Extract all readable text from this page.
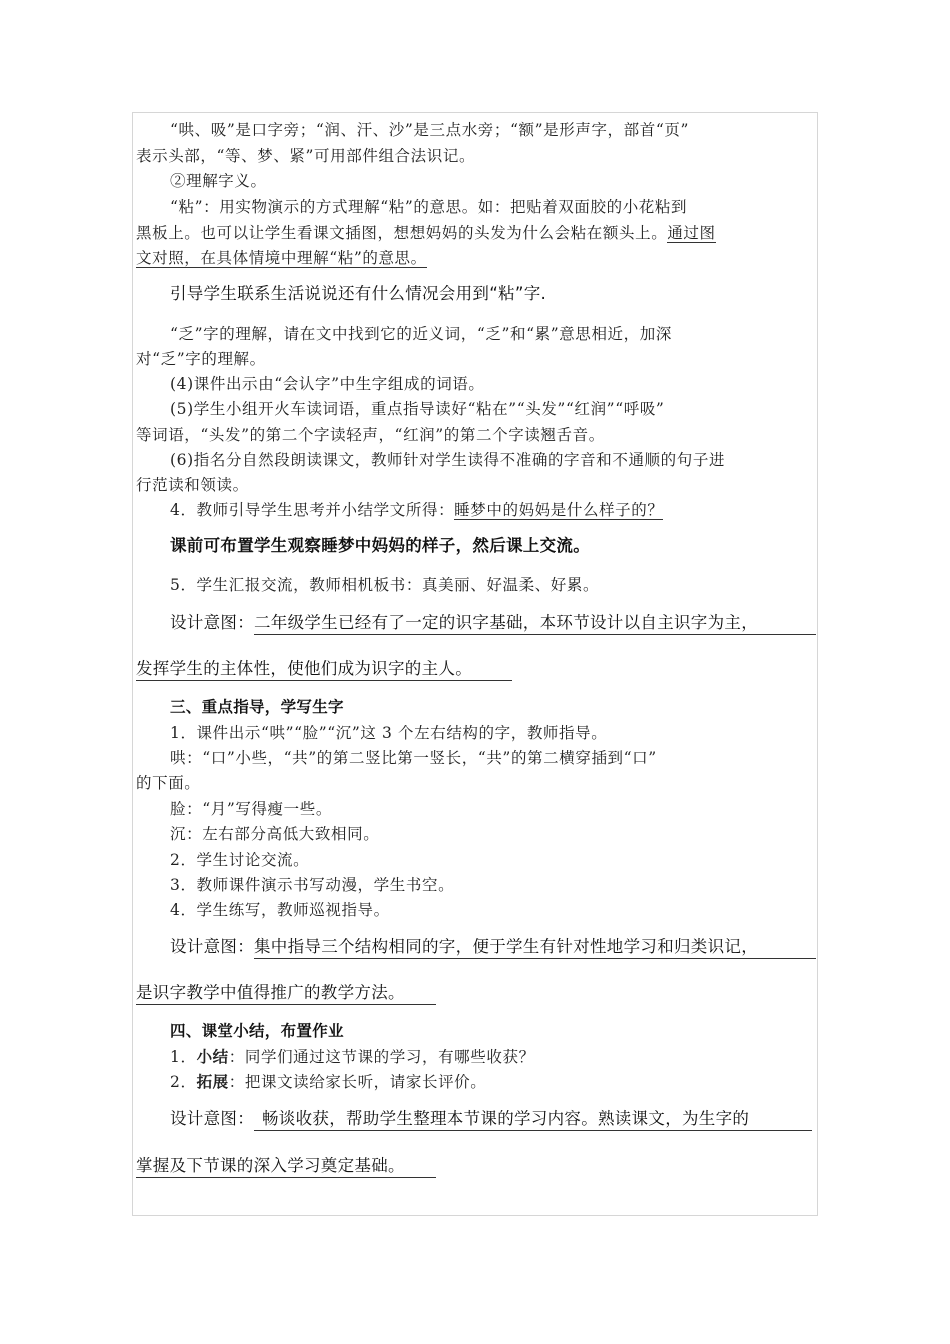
“哄、吸”是口字旁；“润、汗、沙”是三点水旁；“额”是形声字，部首“页”
表示头部，“等、梦、紧”可用部件组合法识记。
②理解字义。
“粘”：用实物演示的方式理解“粘”的意思。如：把贴着双面胶的小花粘到
黑板上。也可以让学生看课文插图，想想妈妈的头发为什么会粘在额头上。通过图
文对照，在具体情境中理解“粘”的意思。
引导学生联系生活说说还有什么情况会用到“粘”字.
“乏”字的理解，请在文中找到它的近义词，“乏”和“累”意思相近，加深
对“乏”字的理解。
(4)课件出示由“会认字”中生字组成的词语。
(5)学生小组开火车读词语，重点指导读好“粘在”“头发”“红润”“呼吸”
等词语，“头发”的第二个字读轻声，“红润”的第二个字读翘舌音。
(6)指名分自然段朗读课文，教师针对学生读得不准确的字音和不通顺的句子进
行范读和领读。
4．教师引导学生思考并小结学文所得：睡梦中的妈妈是什么样子的？
课前可布置学生观察睡梦中妈妈的样子，然后课上交流。
5．学生汇报交流，教师相机板书：真美丽、好温柔、好累。
设计意图：二年级学生已经有了一定的识字基础，本环节设计以自主识字为主，
发挥学生的主体性，使他们成为识字的主人。
三、重点指导，学写生字
1．课件出示“哄”“脸”“沉”这 3 个左右结构的字，教师指导。
哄：“口”小些，“共”的第二竖比第一竖长，“共”的第二横穿插到“口”
的下面。
脸：“月”写得瘦一些。
沉：左右部分高低大致相同。
2．学生讨论交流。
3．教师课件演示书写动漫，学生书空。
4．学生练写，教师巡视指导。
设计意图：集中指导三个结构相同的字，便于学生有针对性地学习和归类识记，
是识字教学中值得推广的教学方法。
四、课堂小结，布置作业
1．小结：同学们通过这节课的学习，有哪些收获？
2．拓展：把课文读给家长听，请家长评价。
设计意图： 畅谈收获，帮助学生整理本节课的学习内容。熟读课文，为生字的
掌握及下节课的深入学习奠定基础。
